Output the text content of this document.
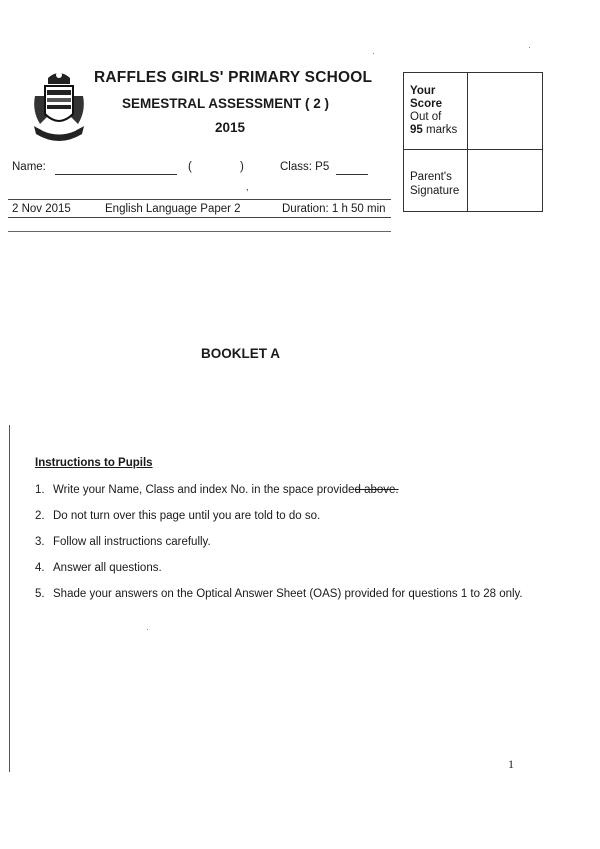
RAFFLES GIRLS' PRIMARY SCHOOL
SEMESTRAL ASSESSMENT ( 2 )
2015
Name:	(	)	Class: P5
,
2 Nov 2015	English Language Paper 2	Duration: 1 h 50 min
Your
Score
Out of
95 marks
Parent's
Signature
BOOKLET A
Instructions to Pupils
1. Write your Name, Class and index No. in the space provided above.
2. Do not turn over this page until you are told to do so.
3. Follow all instructions carefully.
4. Answer all questions.
5. Shade your answers on the Optical Answer Sheet (OAS) provided for questions 1 to 28 only.
1
